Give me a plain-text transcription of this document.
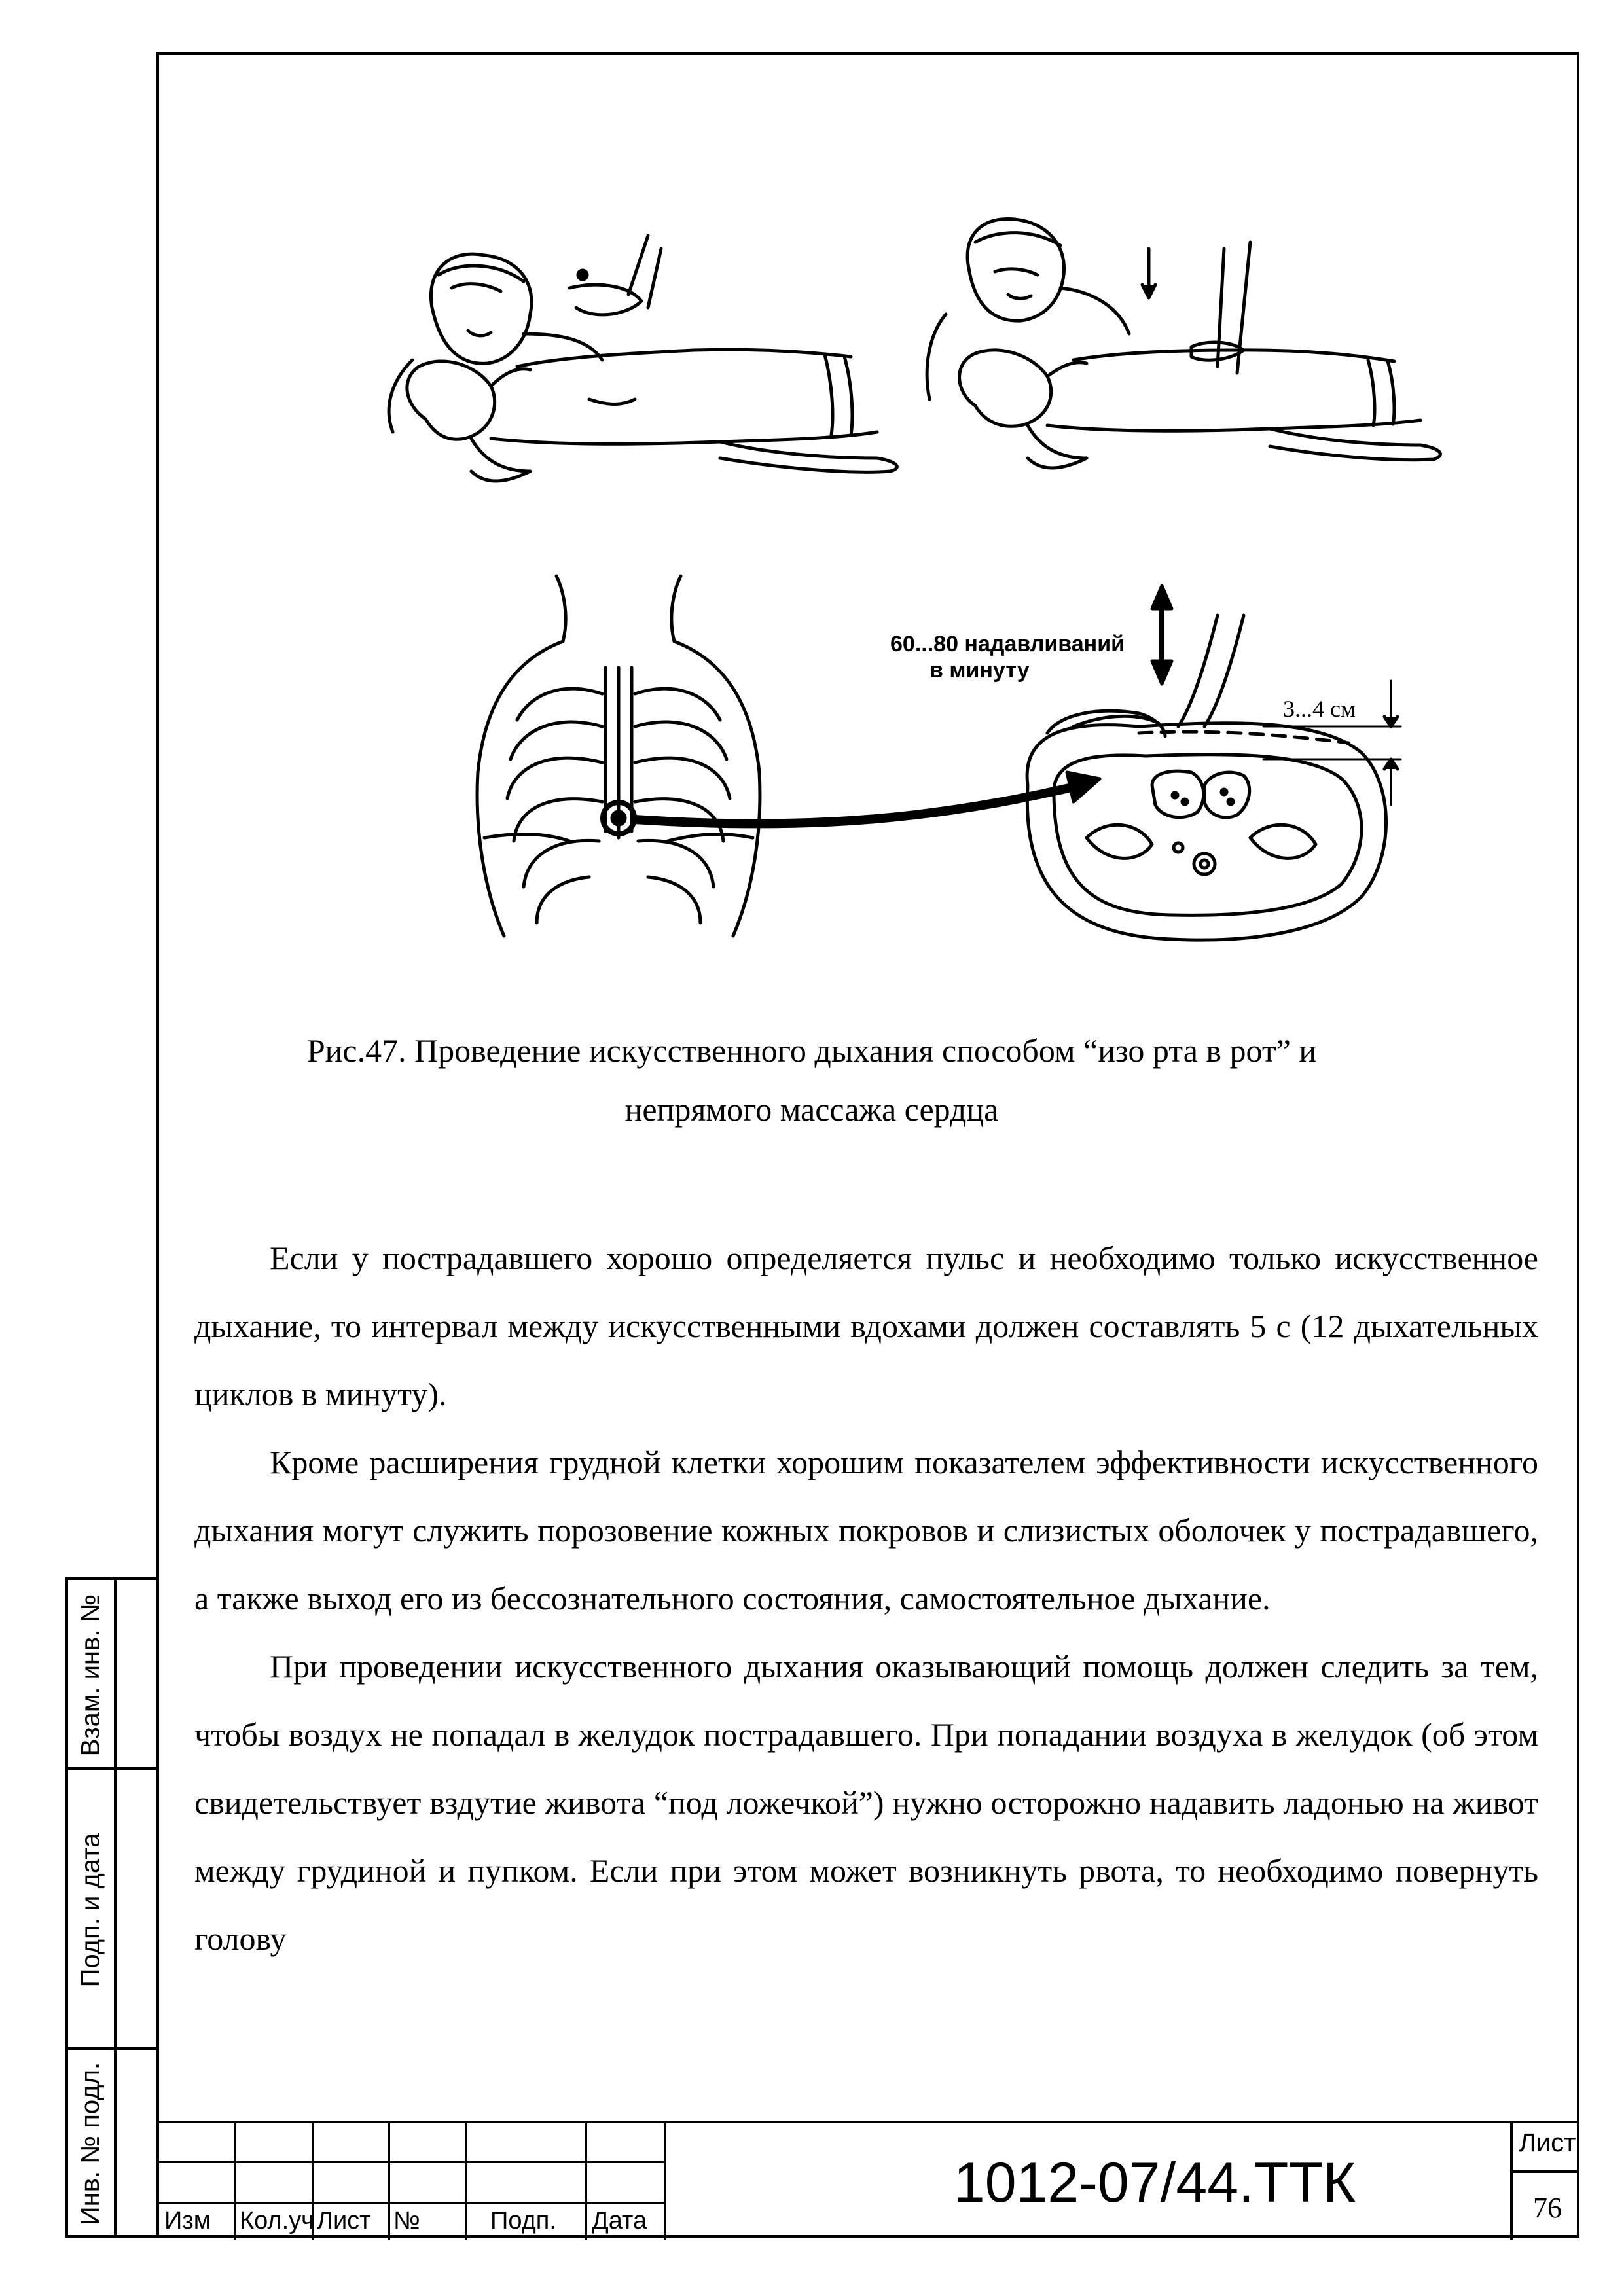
Взам. инв. №
Подп. и дата
Инв. № подл.
60...80 надавливаний
в минуту
3...4 см
Рис.47. Проведение искусственного дыхания способом “изо рта в рот” и
непрямого массажа сердца

Если у пострадавшего хорошо определяется пульс и необходимо только искусственное дыхание, то интервал между искусственными вдохами должен составлять 5 с (12 дыхательных циклов в минуту).

Кроме расширения грудной клетки хорошим показателем эффективности искусственного дыхания могут служить порозовение кожных покровов и слизистых оболочек у пострадавшего, а также выход его из бессознательного состояния, самостоятельное дыхание.

При проведении искусственного дыхания оказывающий помощь должен следить за тем, чтобы воздух не попадал в желудок пострадавшего. При попадании воздуха в желудок (об этом свидетельствует вздутие живота “под ложечкой”) нужно осторожно надавить ладонью на живот между грудиной и пупком. Если при этом может возникнуть рвота, то необходимо повернуть голову

Изм Кол.уч Лист №	Подп. Дата
1012-07/44.ТТК
Лист
76
